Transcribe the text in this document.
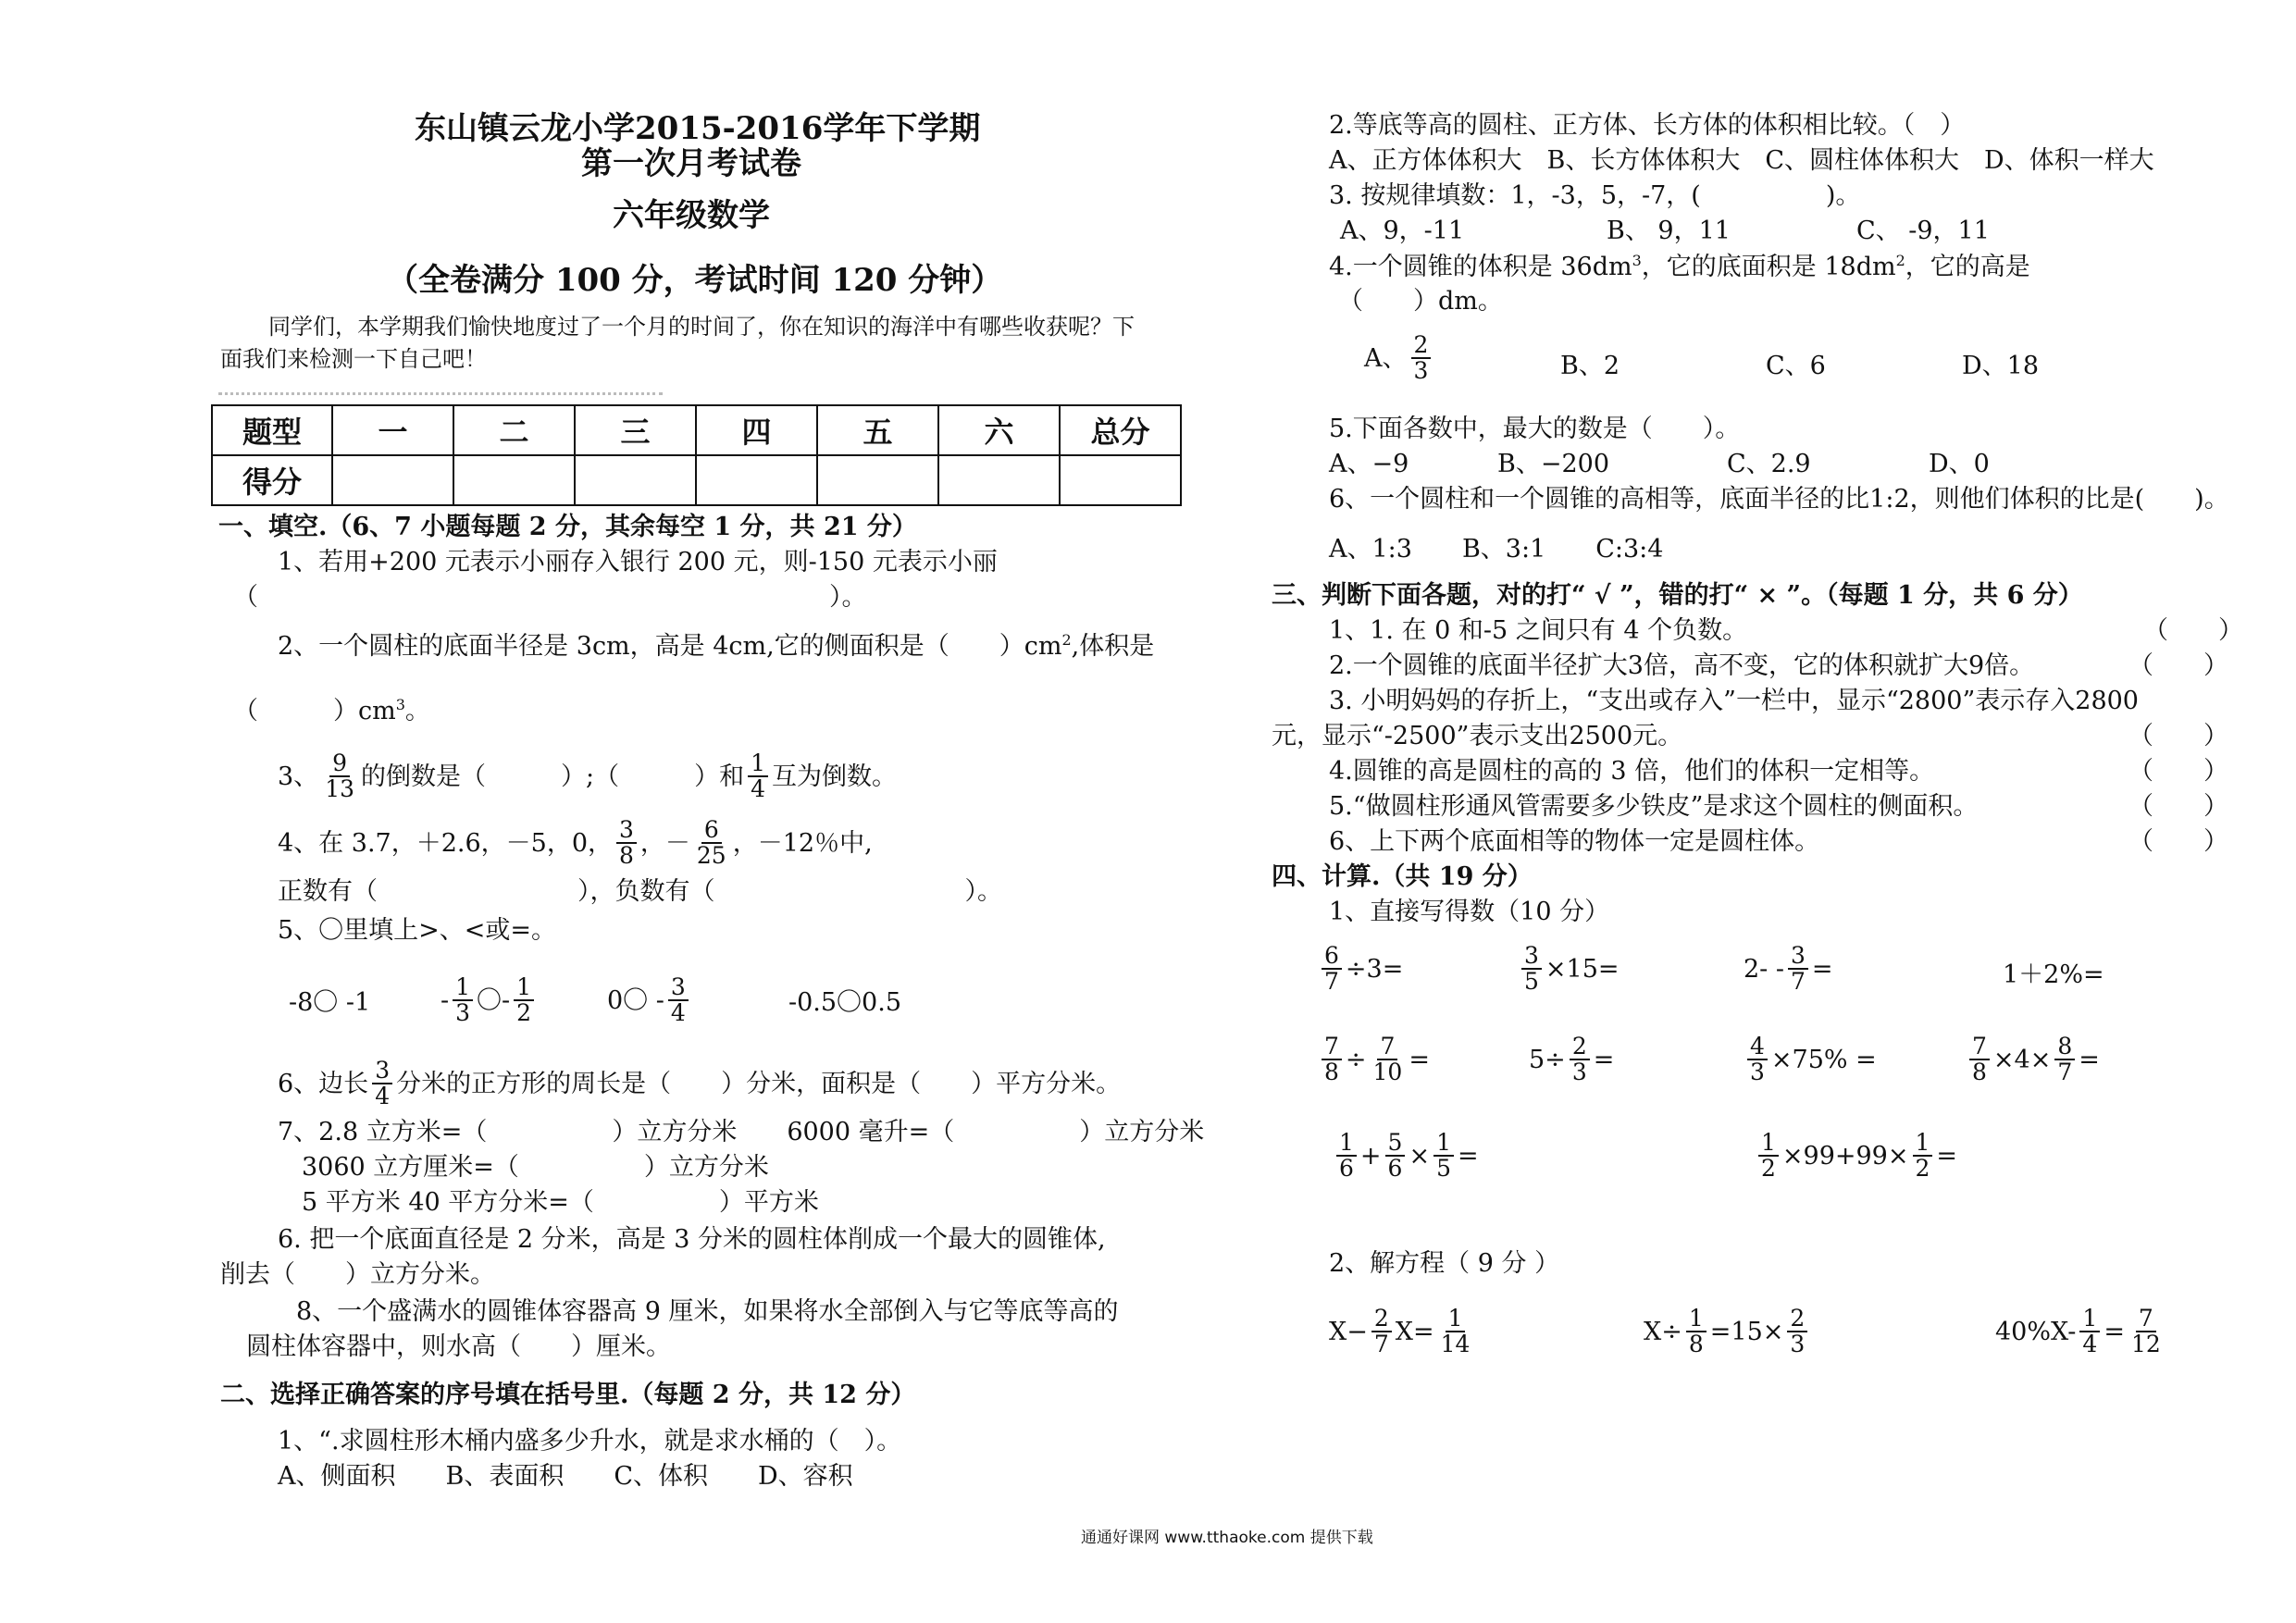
东山镇云龙小学2015-2016学年下学期
第一次月考试卷
六年级数学
（全卷满分 100 分，考试时间 120 分钟）
同学们，本学期我们愉快地度过了一个月的时间了，你在知识的海洋中有哪些收获呢？下
面我们来检测一下自己吧！
题型	一	二	三	四	五	六	总分
得分							
一、填空.（6、7 小题每题 2 分，其余每空 1 分，共 21 分）
1、若用+200 元表示小丽存入银行 200 元，则-150 元表示小丽
（	）。
2、一个圆柱的底面半径是 3cm，高是 4cm,它的侧面积是（　　）$cm^2$,体积是
（　　　）$cm^3$。
3、 $\frac{9}{13}$ 的倒数是（　　　）;（　　　）和 $\frac{1}{4}$ 互为倒数。
4、在 3.7，＋2.6，－5，0， $\frac{3}{8}$ ，－ $\frac{6}{25}$ ，－12％中,
正数有（　　　　　　　　），负数有（　　　　　　　　　　）。
5、〇里填上>、<或=。
-8〇 -1	- $\frac{1}{3}$ 〇- $\frac{1}{2}$	0〇 - $\frac{3}{4}$	-0.5〇0.5
6、边长 $\frac{3}{4}$ 分米的正方形的周长是（　　）分米，面积是（　　）平方分米。
7、2.8 立方米=（　　　　　）立方分米　　6000 毫升=（　　　　　）立方分米
3060 立方厘米=（　　　　　）立方分米
5 平方米 40 平方分米=（　　　　　）平方米
6. 把一个底面直径是 2 分米，高是 3 分米的圆柱体削成一个最大的圆锥体,
削去（　　）立方分米。
8、一个盛满水的圆锥体容器高 9 厘米，如果将水全部倒入与它等底等高的
圆柱体容器中，则水高（　　）厘米。
二、选择正确答案的序号填在括号里.（每题 2 分，共 12 分）
1、“.求圆柱形木桶内盛多少升水，就是求水桶的（　）。
A、侧面积　　B、表面积　　C、体积　　D、容积
2.等底等高的圆柱、正方体、长方体的体积相比较。（　）
A、正方体体积大　B、长方体体积大　C、圆柱体体积大　D、体积一样大
3. 按规律填数：1，-3，5，-7，(　　　　　)。
A、9，-11	B、 9，11	C、 -9，11
4.一个圆锥的体积是 $36dm^3$，它的底面积是 $18dm^2$，它的高是
（　　）dm。
A、 $\frac{2}{3}$	B、2	C、6	D、18
5.下面各数中，最大的数是（　　）。
A、−9	B、−200	C、2.9	D、0
6、一个圆柱和一个圆锥的高相等，底面半径的比1:2，则他们体积的比是(　　)。
A、1:3　　B、3:1　　C:3:4
三、判断下面各题，对的打“ √ ”，错的打“ × ”。（每题 1 分，共 6 分）
1、1. 在 0 和-5 之间只有 4 个负数。	（　　）
2.一个圆锥的底面半径扩大3倍，高不变，它的体积就扩大9倍。	（　　）
3. 小明妈妈的存折上，“支出或存入”一栏中，显示“2800”表示存入2800
元，显示“-2500”表示支出2500元。	（　　）
4.圆锥的高是圆柱的高的 3 倍，他们的体积一定相等。	（　　）
5.“做圆柱形通风管需要多少铁皮”是求这个圆柱的侧面积。	（　　）
6、上下两个底面相等的物体一定是圆柱体。	（　　）
四、计算.（共 19 分）
1、直接写得数（10 分）
$\frac{6}{7} \div 3=$	$\frac{3}{5} \times 15=$	$2- - \frac{3}{7}$ =	1＋2%=
$\frac{7}{8} \div \frac{7}{10}$ =	$5\div \frac{2}{3}$ =	$\frac{4}{3} \times 75\%$ =	$\frac{7}{8} \times 4\times \frac{8}{7}$ =
$\frac{1}{6} + \frac{5}{6} \times \frac{1}{5}$ =	$\frac{1}{2} \times 99+99\times \frac{1}{2}$ =
2、解方程（ 9 分 ）
$X- \frac{2}{7} X= \frac{1}{14}$	$X\div \frac{1}{8} =15\times \frac{2}{3}$	$40\%X- \frac{1}{4} = \frac{7}{12}$
通通好课网 www.tthaoke.com 提供下载
